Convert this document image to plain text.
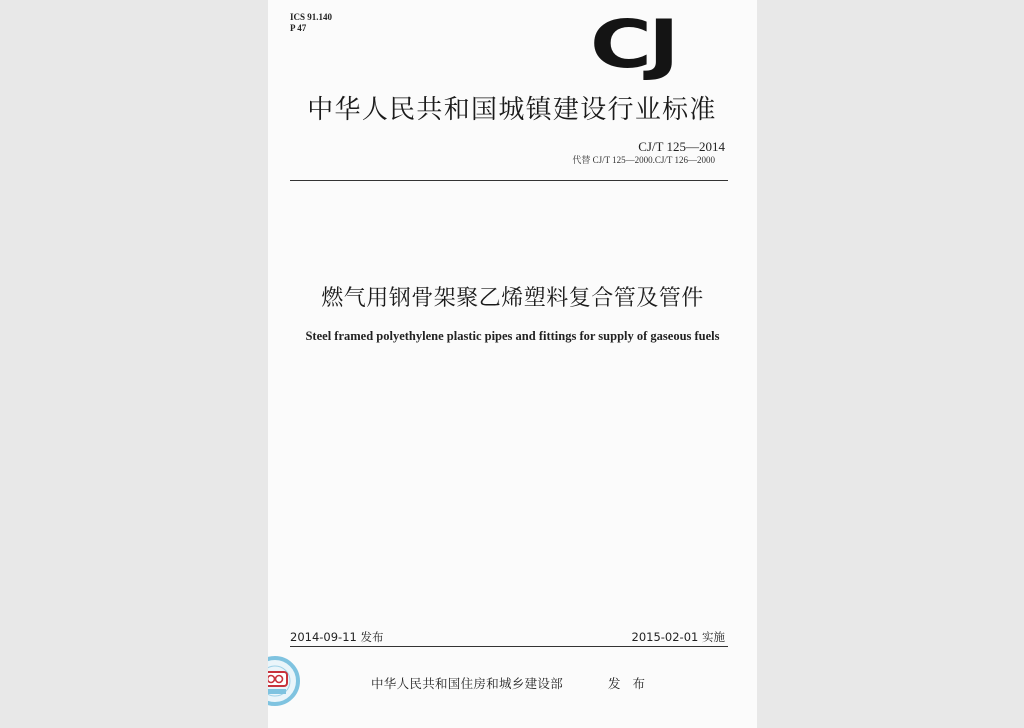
ICS 91.140
P 47	CJ
中华人民共和国城镇建设行业标准
CJ/T 125—2014
代替 CJ/T 125—2000.CJ/T 126—2000
燃气用钢骨架聚乙烯塑料复合管及管件
Steel framed polyethylene plastic pipes and fittings for supply of gaseous fuels
2014-09-11 发布	2015-02-01 实施
中华人民共和国住房和城乡建设部	发 布
